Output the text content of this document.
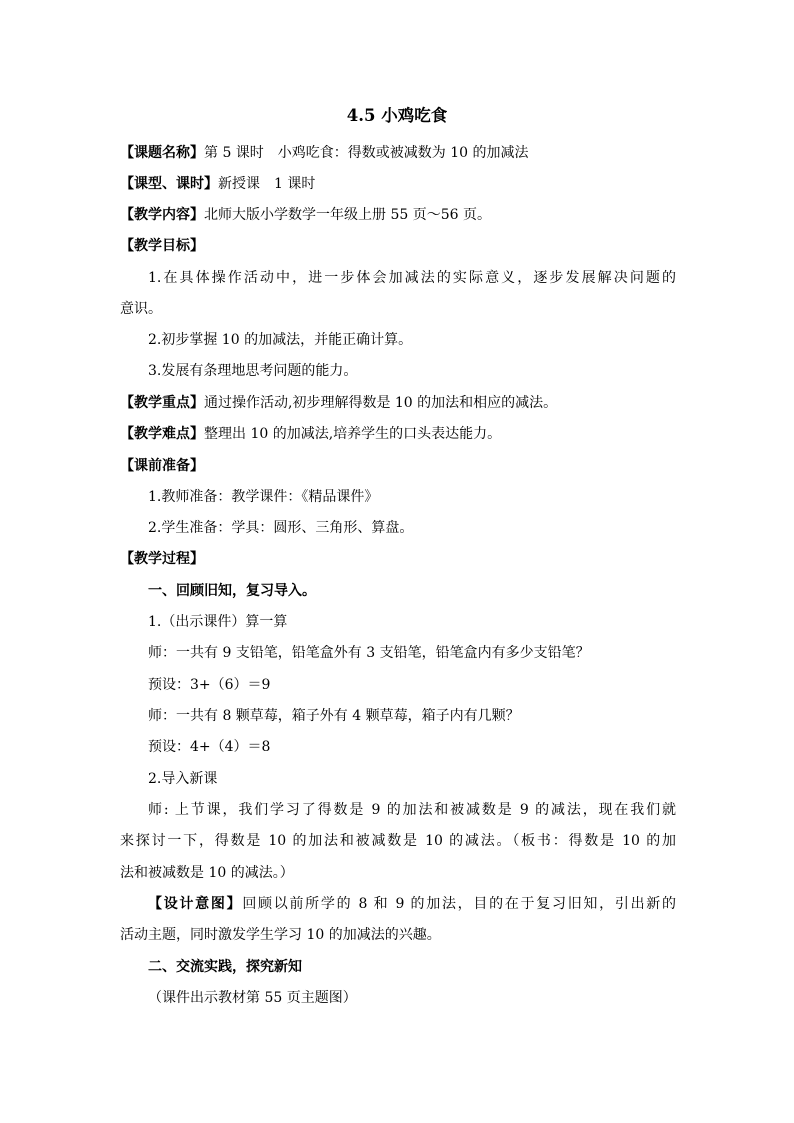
4.5 小鸡吃食
【课题名称】第 5 课时　小鸡吃食：得数或被减数为 10 的加减法
【课型、课时】新授课　1 课时
【教学内容】北师大版小学数学一年级上册 55 页～56 页。
【教学目标】
1.在具体操作活动中，进一步体会加减法的实际意义，逐步发展解决问题的
意识。
2.初步掌握 10 的加减法，并能正确计算。
3.发展有条理地思考问题的能力。
【教学重点】通过操作活动,初步理解得数是 10 的加法和相应的减法。
【教学难点】整理出 10 的加减法,培养学生的口头表达能力。
【课前准备】
1.教师准备：教学课件：《精品课件》
2.学生准备：学具：圆形、三角形、算盘。
【教学过程】
一、回顾旧知，复习导入。
1.（出示课件）算一算
师：一共有 9 支铅笔，铅笔盒外有 3 支铅笔，铅笔盒内有多少支铅笔？
预设：3+（6）＝9
师：一共有 8 颗草莓，箱子外有 4 颗草莓，箱子内有几颗？
预设：4+（4）＝8
2.导入新课
师: 上节课，我们学习了得数是 9 的加法和被减数是 9 的减法，现在我们就
来探讨一下，得数是 10 的加法和被减数是 10 的减法。（板书：得数是 10 的加
法和被减数是 10 的减法。）
【设计意图】回顾以前所学的 8 和 9 的加法，目的在于复习旧知，引出新的
活动主题，同时激发学生学习 10 的加减法的兴趣。
二、交流实践，探究新知
（课件出示教材第 55 页主题图）
